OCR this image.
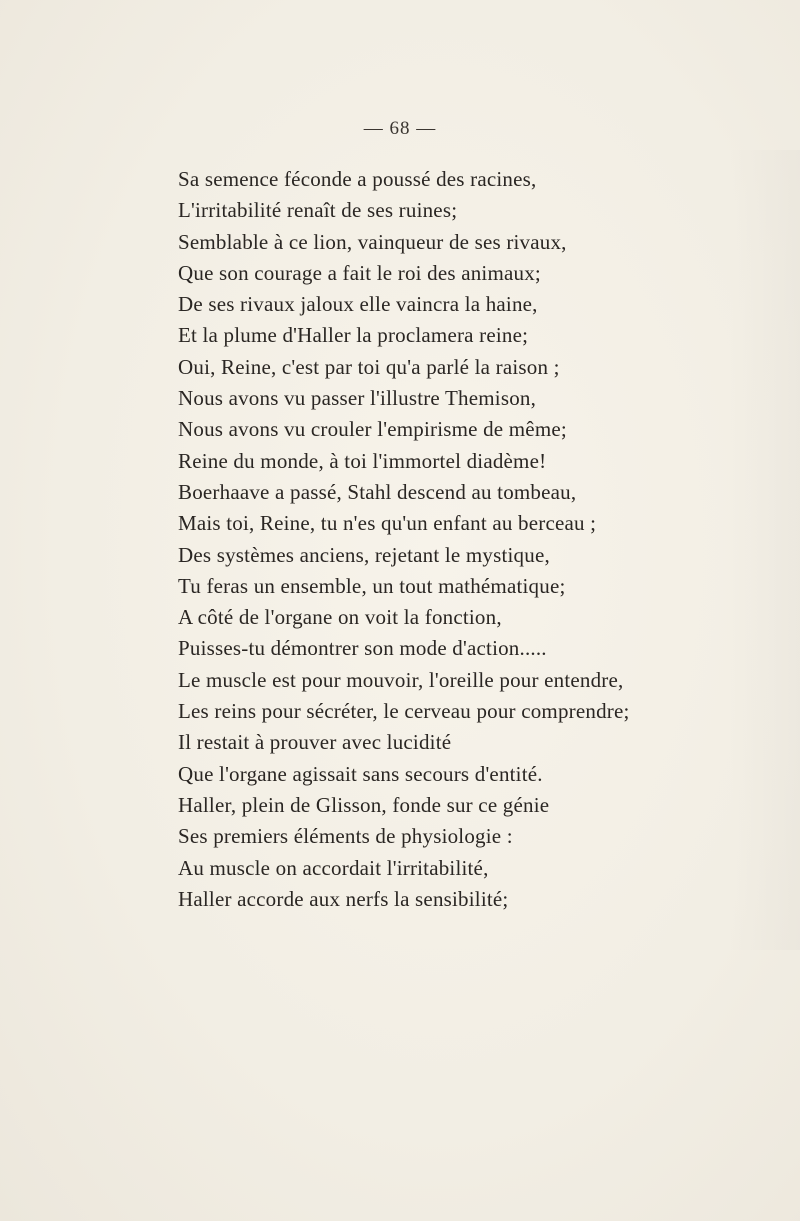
— 68 —
Sa semence féconde a poussé des racines,
L'irritabilité renaît de ses ruines;
Semblable à ce lion, vainqueur de ses rivaux,
Que son courage a fait le roi des animaux;
De ses rivaux jaloux elle vaincra la haine,
Et la plume d'Haller la proclamera reine;
Oui, Reine, c'est par toi qu'a parlé la raison ;
Nous avons vu passer l'illustre Themison,
Nous avons vu crouler l'empirisme de même;
Reine du monde, à toi l'immortel diadème!
Boerhaave a passé, Stahl descend au tombeau,
Mais toi, Reine, tu n'es qu'un enfant au berceau ;
Des systèmes anciens, rejetant le mystique,
Tu feras un ensemble, un tout mathématique;
A côté de l'organe on voit la fonction,
Puisses-tu démontrer son mode d'action.....
Le muscle est pour mouvoir, l'oreille pour entendre,
Les reins pour sécréter, le cerveau pour comprendre;
Il restait à prouver avec lucidité
Que l'organe agissait sans secours d'entité.
Haller, plein de Glisson, fonde sur ce génie
Ses premiers éléments de physiologie :
Au muscle on accordait l'irritabilité,
Haller accorde aux nerfs la sensibilité;
